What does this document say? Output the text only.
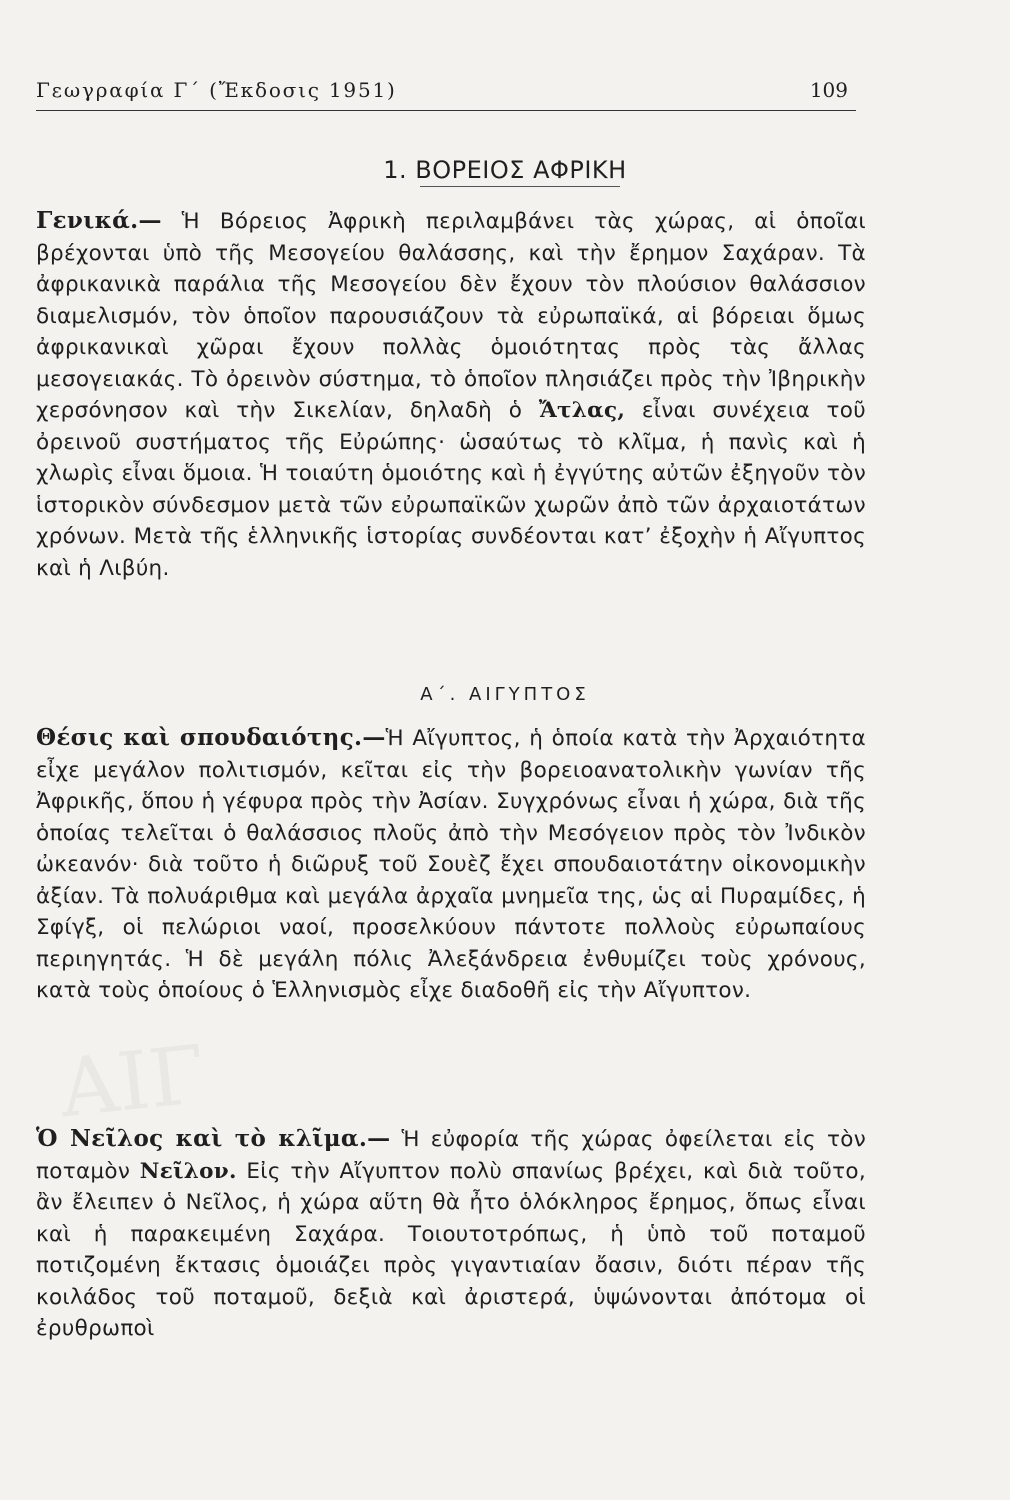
Γεωγραφία Γ΄ (Ἔκδοσις 1951)	109
1. ΒΟΡΕΙΟΣ ΑΦΡΙΚΗ

Γενικά.— Ἡ Βόρειος Ἀφρικὴ περιλαμβάνει τὰς χώρας, αἱ ὁποῖαι βρέχονται ὑπὸ τῆς Μεσογείου θαλάσσης, καὶ τὴν ἔρημον Σαχάραν. Τὰ ἀφρικανικὰ παράλια τῆς Μεσογείου δὲν ἔχουν τὸν πλούσιον θαλάσσιον διαμελισμόν, τὸν ὁποῖον παρουσιάζουν τὰ εὐρωπαϊκά, αἱ βόρειαι ὅμως ἀφρικανικαὶ χῶραι ἔχουν πολλὰς ὁμοιότητας πρὸς τὰς ἄλλας μεσογειακάς. Τὸ ὀρεινὸν σύστημα, τὸ ὁποῖον πλησιάζει πρὸς τὴν Ἰβηρικὴν χερσόνησον καὶ τὴν Σικελίαν, δηλαδὴ ὁ Ἄτλας, εἶναι συνέχεια τοῦ ὀρεινοῦ συστήματος τῆς Εὐρώπης· ὡσαύτως τὸ κλῖμα, ἡ πανὶς καὶ ἡ χλωρὶς εἶναι ὅμοια. Ἡ τοιαύτη ὁμοιότης καὶ ἡ ἐγγύτης αὐτῶν ἐξηγοῦν τὸν ἱστορικὸν σύνδεσμον μετὰ τῶν εὐρωπαϊκῶν χωρῶν ἀπὸ τῶν ἀρχαιοτάτων χρόνων. Μετὰ τῆς ἑλληνικῆς ἱστορίας συνδέονται κατ’ ἐξοχὴν ἡ Αἴγυπτος καὶ ἡ Λιβύη.

Α΄. ΑΙΓΥΠΤΟΣ

Θέσις καὶ σπουδαιότης.—Ἡ Αἴγυπτος, ἡ ὁποία κατὰ τὴν Ἀρχαιότητα εἶχε μεγάλον πολιτισμόν, κεῖται εἰς τὴν βορειοανατολικὴν γωνίαν τῆς Ἀφρικῆς, ὅπου ἡ γέφυρα πρὸς τὴν Ἀσίαν. Συγχρόνως εἶναι ἡ χώρα, διὰ τῆς ὁποίας τελεῖται ὁ θαλάσσιος πλοῦς ἀπὸ τὴν Μεσόγειον πρὸς τὸν Ἰνδικὸν ὠκεανόν· διὰ τοῦτο ἡ διῶρυξ τοῦ Σουὲζ ἔχει σπουδαιοτάτην οἰκονομικὴν ἀξίαν. Τὰ πολυάριθμα καὶ μεγάλα ἀρχαῖα μνημεῖα της, ὡς αἱ Πυραμίδες, ἡ Σφίγξ, οἱ πελώριοι ναοί, προσελκύουν πάντοτε πολλοὺς εὐρωπαίους περιηγητάς. Ἡ δὲ μεγάλη πόλις Ἀλεξάνδρεια ἐνθυμίζει τοὺς χρόνους, κατὰ τοὺς ὁποίους ὁ Ἑλληνισμὸς εἶχε διαδοθῆ εἰς τὴν Αἴγυπτον.

ΑΙΓ

Ὁ Νεῖλος καὶ τὸ κλῖμα.— Ἡ εὐφορία τῆς χώρας ὀφείλεται εἰς τὸν ποταμὸν Νεῖλον. Εἰς τὴν Αἴγυπτον πολὺ σπανίως βρέχει, καὶ διὰ τοῦτο, ἂν ἔλειπεν ὁ Νεῖλος, ἡ χώρα αὕτη θὰ ἦτο ὁλόκληρος ἔρημος, ὅπως εἶναι καὶ ἡ παρακειμένη Σαχάρα. Τοιουτοτρόπως, ἡ ὑπὸ τοῦ ποταμοῦ ποτιζομένη ἔκτασις ὁμοιάζει πρὸς γιγαντιαίαν ὄασιν, διότι πέραν τῆς κοιλάδος τοῦ ποταμοῦ, δεξιὰ καὶ ἀριστερά, ὑψώνονται ἀπότομα οἱ ἐρυθρωποὶ
